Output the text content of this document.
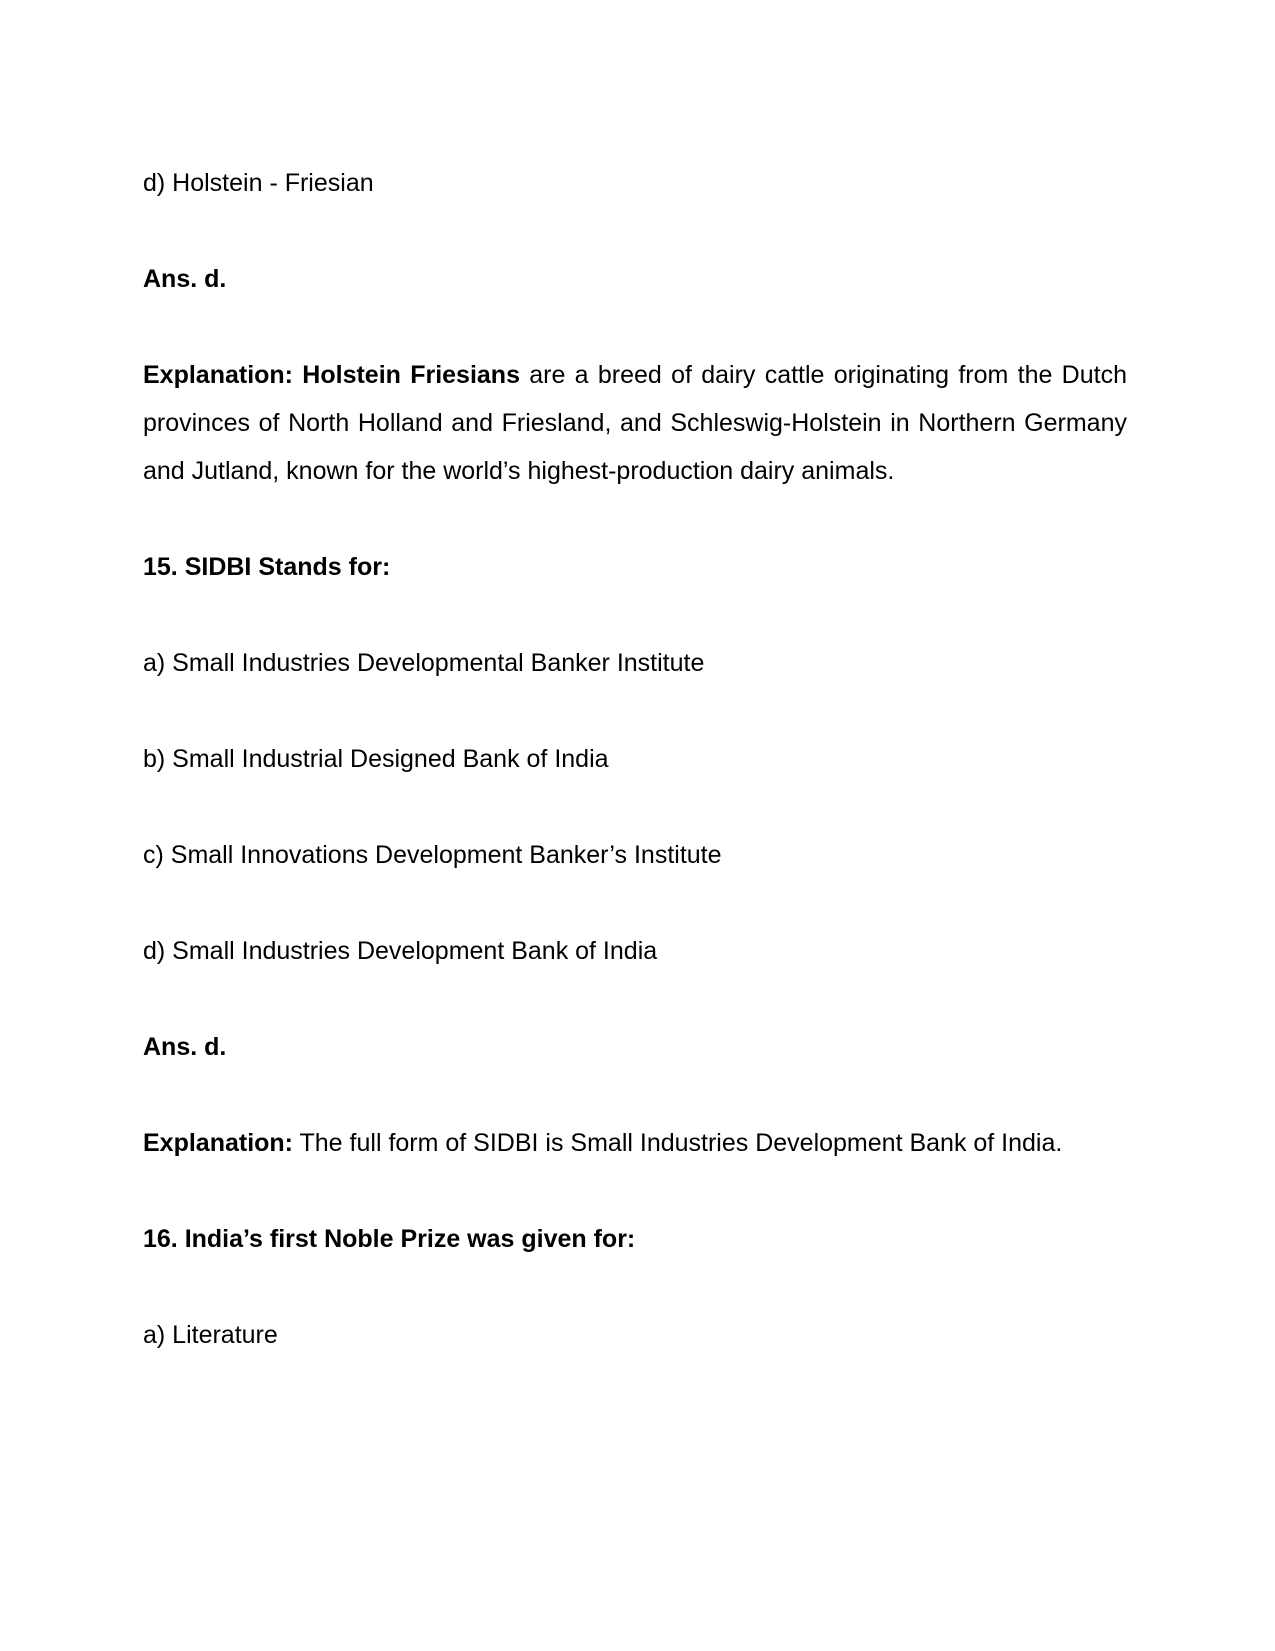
d) Holstein - Friesian

Ans. d.

Explanation: Holstein Friesians are a breed of dairy cattle originating from the Dutch provinces of North Holland and Friesland, and Schleswig-Holstein in Northern Germany and Jutland, known for the world’s highest-production dairy animals.

15. SIDBI Stands for:

a) Small Industries Developmental Banker Institute

b) Small Industrial Designed Bank of India

c) Small Innovations Development Banker’s Institute

d) Small Industries Development Bank of India

Ans. d.

Explanation: The full form of SIDBI is Small Industries Development Bank of India.

16. India’s first Noble Prize was given for:

a) Literature
